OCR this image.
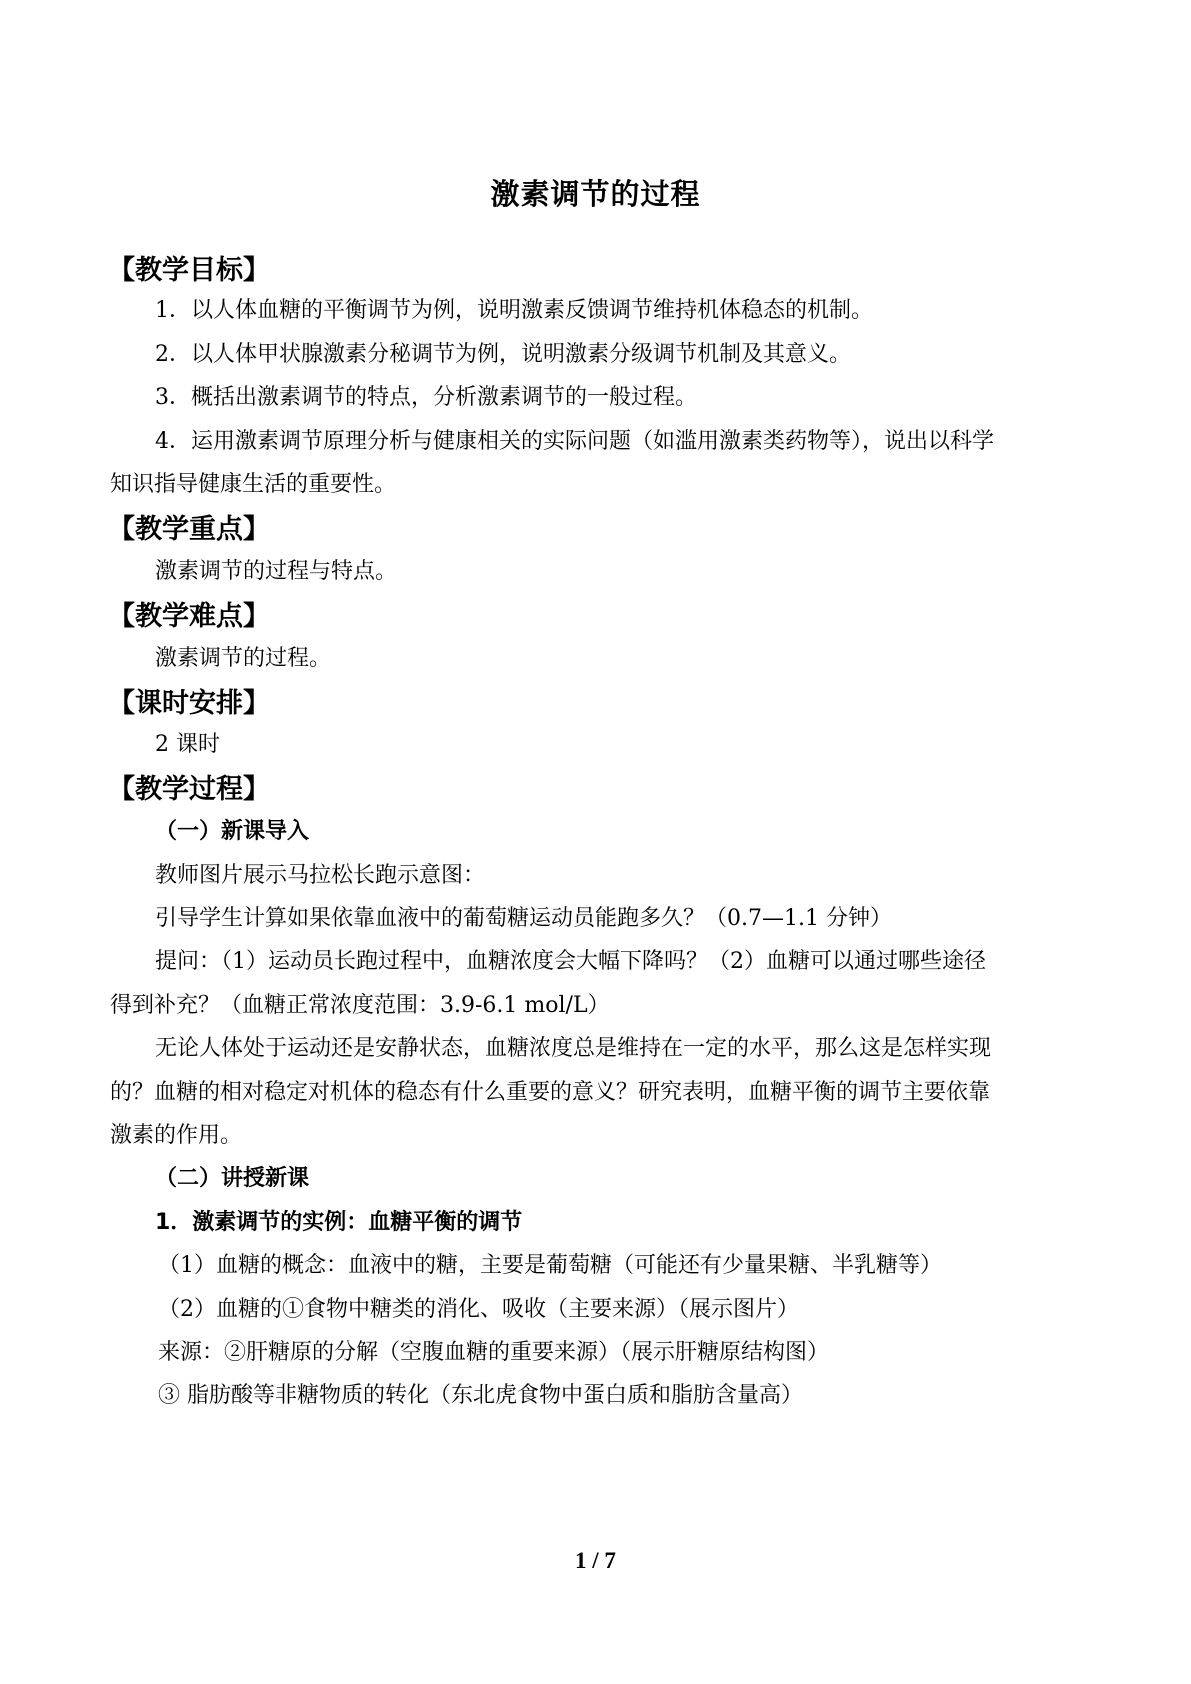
激素调节的过程
【教学目标】
1．以人体血糖的平衡调节为例，说明激素反馈调节维持机体稳态的机制。
2．以人体甲状腺激素分秘调节为例，说明激素分级调节机制及其意义。
3．概括出激素调节的特点，分析激素调节的一般过程。
4．运用激素调节原理分析与健康相关的实际问题（如滥用激素类药物等），说出以科学
知识指导健康生活的重要性。
【教学重点】
激素调节的过程与特点。
【教学难点】
激素调节的过程。
【课时安排】
2 课时
【教学过程】
（一）新课导入
教师图片展示马拉松长跑示意图：
引导学生计算如果依靠血液中的葡萄糖运动员能跑多久？（0.7—1.1 分钟）
提问：（1）运动员长跑过程中，血糖浓度会大幅下降吗？（2）血糖可以通过哪些途径
得到补充？（血糖正常浓度范围：3.9-6.1 mol/L）
无论人体处于运动还是安静状态，血糖浓度总是维持在一定的水平，那么这是怎样实现
的？血糖的相对稳定对机体的稳态有什么重要的意义？研究表明，血糖平衡的调节主要依靠
激素的作用。
（二）讲授新课
1．激素调节的实例：血糖平衡的调节
（1）血糖的概念：血液中的糖，主要是葡萄糖（可能还有少量果糖、半乳糖等）
（2）血糖的①食物中糖类的消化、吸收（主要来源）（展示图片）
来源：②肝糖原的分解（空腹血糖的重要来源）（展示肝糖原结构图）
③ 脂肪酸等非糖物质的转化（东北虎食物中蛋白质和脂肪含量高）
1 / 7
